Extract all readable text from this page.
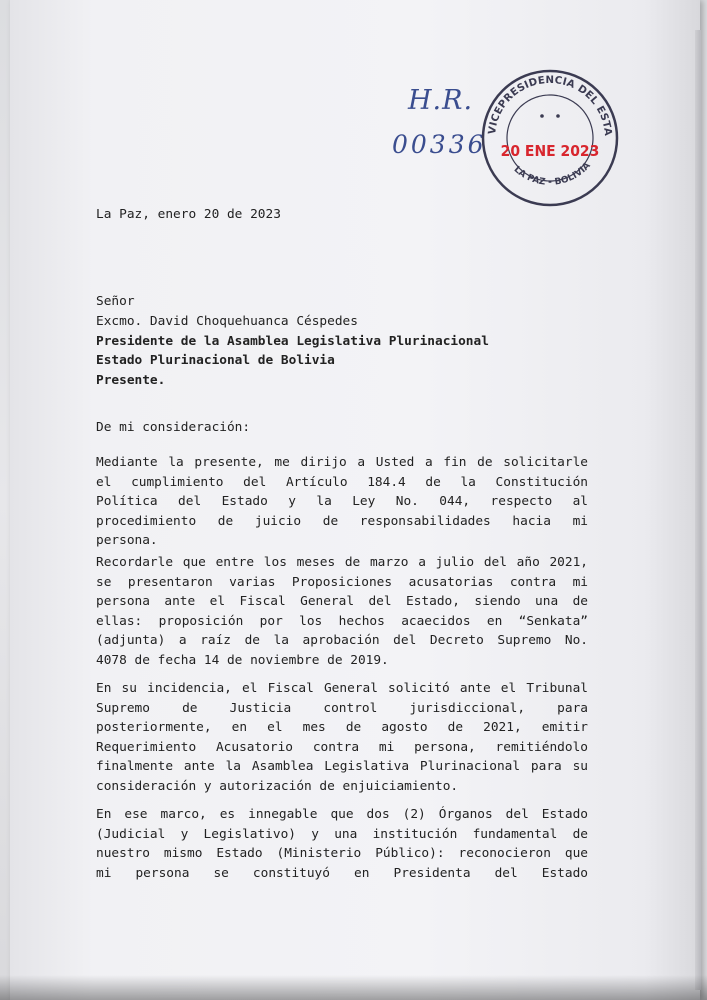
H.R.
00336 VICEPRESIDENCIA DEL ESTA
LA PAZ - BOLIVIA
20 ENE 2023
La Paz, enero 20 de 2023
Señor
Excmo. David Choquehuanca Céspedes
Presidente de la Asamblea Legislativa Plurinacional
Estado Plurinacional de Bolivia
Presente.
De mi consideración:
Mediante la presente, me dirijo a Usted a fin de solicitarle
el cumplimiento del Artículo 184.4 de la Constitución
Política del Estado y la Ley No. 044, respecto al
procedimiento de juicio de responsabilidades hacia mi
persona.
Recordarle que entre los meses de marzo a julio del año 2021,
se presentaron varias Proposiciones acusatorias contra mi
persona ante el Fiscal General del Estado, siendo una de
ellas: proposición por los hechos acaecidos en “Senkata”
(adjunta) a raíz de la aprobación del Decreto Supremo No.
4078 de fecha 14 de noviembre de 2019.
En su incidencia, el Fiscal General solicitó ante el Tribunal
Supremo de Justicia control jurisdiccional, para
posteriormente, en el mes de agosto de 2021, emitir
Requerimiento Acusatorio contra mi persona, remitiéndolo
finalmente ante la Asamblea Legislativa Plurinacional para su
consideración y autorización de enjuiciamiento.
En ese marco, es innegable que dos (2) Órganos del Estado
(Judicial y Legislativo) y una institución fundamental de
nuestro mismo Estado (Ministerio Público): reconocieron que
mi persona se constituyó en Presidenta del Estado
